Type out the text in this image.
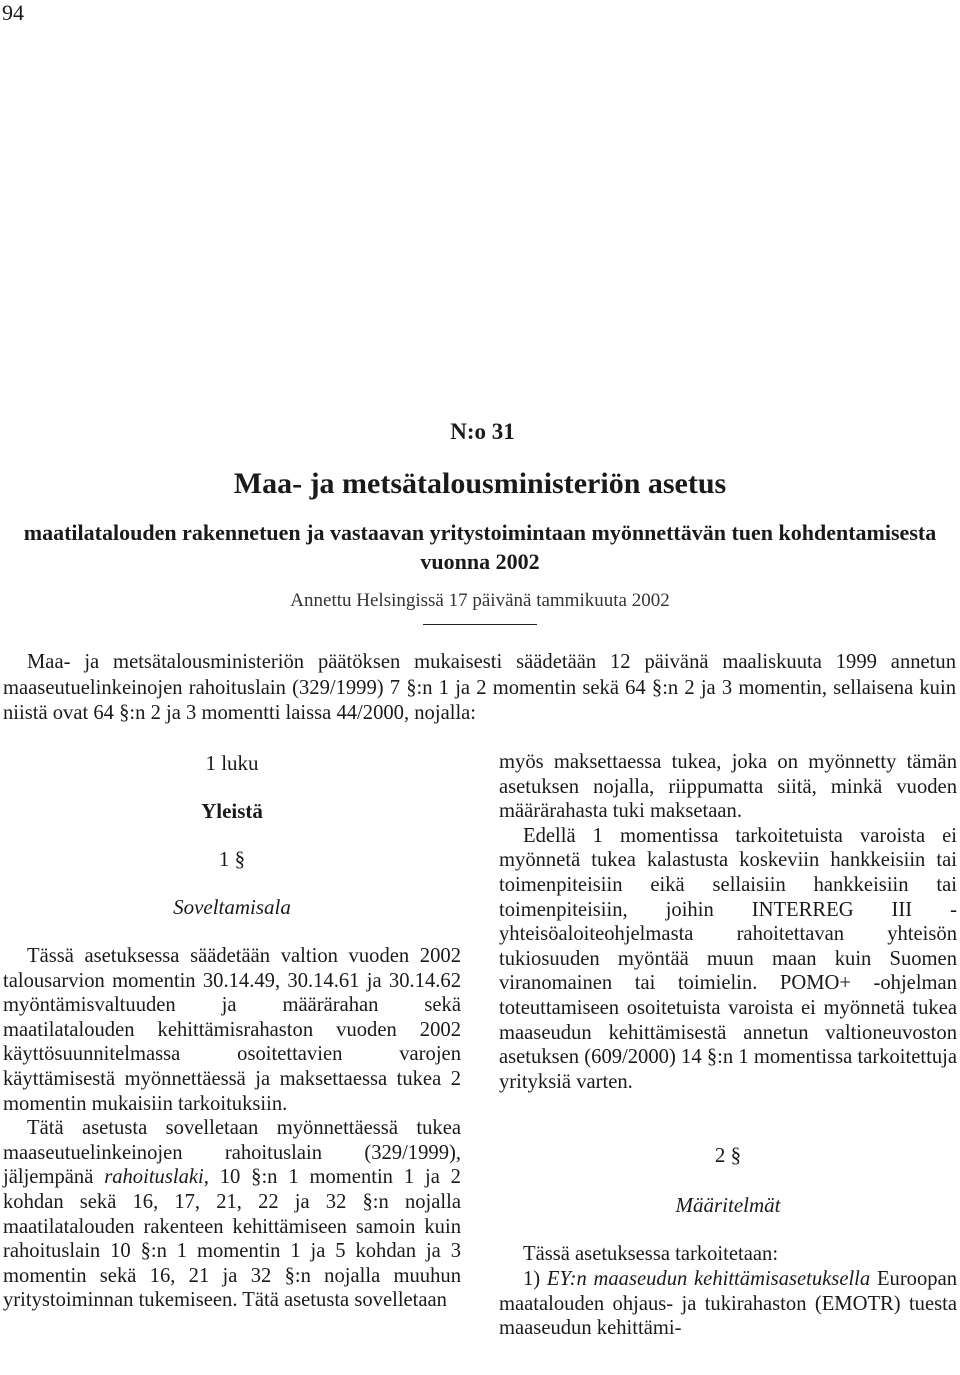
94
N:o 31
Maa- ja metsätalousministeriön asetus

maatilatalouden rakennetuen ja vastaavan yritystoimintaan myönnettävän tuen kohdentamisesta vuonna 2002

Annettu Helsingissä 17 päivänä tammikuuta 2002

Maa- ja metsätalousministeriön päätöksen mukaisesti säädetään 12 päivänä maaliskuuta 1999 annetun maaseutuelinkeinojen rahoituslain (329/1999) 7 §:n 1 ja 2 momentin sekä 64 §:n 2 ja 3 momentin, sellaisena kuin niistä ovat 64 §:n 2 ja 3 momentti laissa 44/2000, nojalla:

1 luku
Yleistä
1 §
Soveltamisala

Tässä asetuksessa säädetään valtion vuoden 2002 talousarvion momentin 30.14.49, 30.14.61 ja 30.14.62 myöntämisvaltuuden ja määrärahan sekä maatilatalouden kehittämisrahaston vuoden 2002 käyttösuunnitelmassa osoitettavien varojen käyttämisestä myönnettäessä ja maksettaessa tukea 2 momentin mukaisiin tarkoituksiin.

Tätä asetusta sovelletaan myönnettäessä tukea maaseutuelinkeinojen rahoituslain (329/1999), jäljempänä rahoituslaki, 10 §:n 1 momentin 1 ja 2 kohdan sekä 16, 17, 21, 22 ja 32 §:n nojalla maatilatalouden rakenteen kehittämiseen samoin kuin rahoituslain 10 §:n 1 momentin 1 ja 5 kohdan ja 3 momentin sekä 16, 21 ja 32 §:n nojalla muuhun yritystoiminnan tukemiseen. Tätä asetusta sovelletaan

myös maksettaessa tukea, joka on myönnetty tämän asetuksen nojalla, riippumatta siitä, minkä vuoden määrärahasta tuki maksetaan.

Edellä 1 momentissa tarkoitetuista varoista ei myönnetä tukea kalastusta koskeviin hankkeisiin tai toimenpiteisiin eikä sellaisiin hankkeisiin tai toimenpiteisiin, joihin INTERREG III -yhteisöaloiteohjelmasta rahoitettavan yhteisön tukiosuuden myöntää muun maan kuin Suomen viranomainen tai toimielin. POMO+ -ohjelman toteuttamiseen osoitetuista varoista ei myönnetä tukea maaseudun kehittämisestä annetun valtioneuvoston asetuksen (609/2000) 14 §:n 1 momentissa tarkoitettuja yrityksiä varten.

2 §
Määritelmät

Tässä asetuksessa tarkoitetaan:

1) EY:n maaseudun kehittämisasetuksella Euroopan maatalouden ohjaus- ja tukirahaston (EMOTR) tuesta maaseudun kehittämi-
